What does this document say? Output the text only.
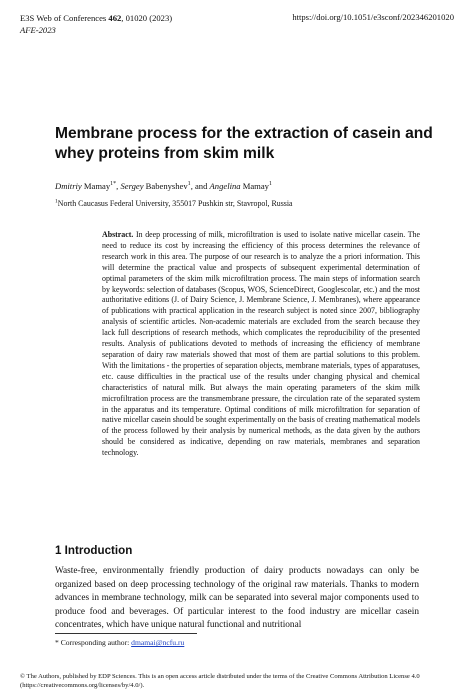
E3S Web of Conferences 462, 01020 (2023)
AFE-2023
https://doi.org/10.1051/e3sconf/202346201020
Membrane process for the extraction of casein and whey proteins from skim milk
Dmitriy Mamay$^{1*}$, Sergey Babenyshev$^1$, and Angelina Mamay$^1$
$^1$North Caucasus Federal University, 355017 Pushkin str, Stavropol, Russia

Abstract. In deep processing of milk, microfiltration is used to isolate native micellar casein. The need to reduce its cost by increasing the efficiency of this process determines the relevance of research work in this area. The purpose of our research is to analyze the a priori information. This will determine the practical value and prospects of subsequent experimental determination of optimal parameters of the skim milk microfiltration process. The main steps of information search by keywords: selection of databases (Scopus, WOS, ScienceDirect, Googlescolar, etc.) and the most authoritative editions (J. of Dairy Science, J. Membrane Science, J. Membranes), where appearance of publications with practical application in the research subject is noted since 2007, bibliography analysis of scientific articles. Non-academic materials are excluded from the search because they lack full descriptions of research methods, which complicates the reproducibility of the presented results. Analysis of publications devoted to methods of increasing the efficiency of membrane separation of dairy raw materials showed that most of them are partial solutions to this problem. With the limitations - the properties of separation objects, membrane materials, types of apparatuses, etc. cause difficulties in the practical use of the results under changing physical and chemical characteristics of natural milk. But always the main operating parameters of the skim milk microfiltration process are the transmembrane pressure, the circulation rate of the separated system in the apparatus and its temperature. Optimal conditions of milk microfiltration for separation of native micellar casein should be sought experimentally on the basis of creating mathematical models of the process followed by their analysis by numerical methods, as the data given by the authors should be considered as indicative, depending on raw materials, membranes and separation technology.

1 Introduction

Waste-free, environmentally friendly production of dairy products nowadays can only be organized based on deep processing technology of the original raw materials. Thanks to modern advances in membrane technology, milk can be separated into several major components used to produce food and beverages. Of particular interest to the food industry are micellar casein concentrates, which have unique natural functional and nutritional

* Corresponding author: dmamai@ncfu.ru
© The Authors, published by EDP Sciences. This is an open access article distributed under the terms of the Creative Commons Attribution License 4.0 (https://creativecommons.org/licenses/by/4.0/).
